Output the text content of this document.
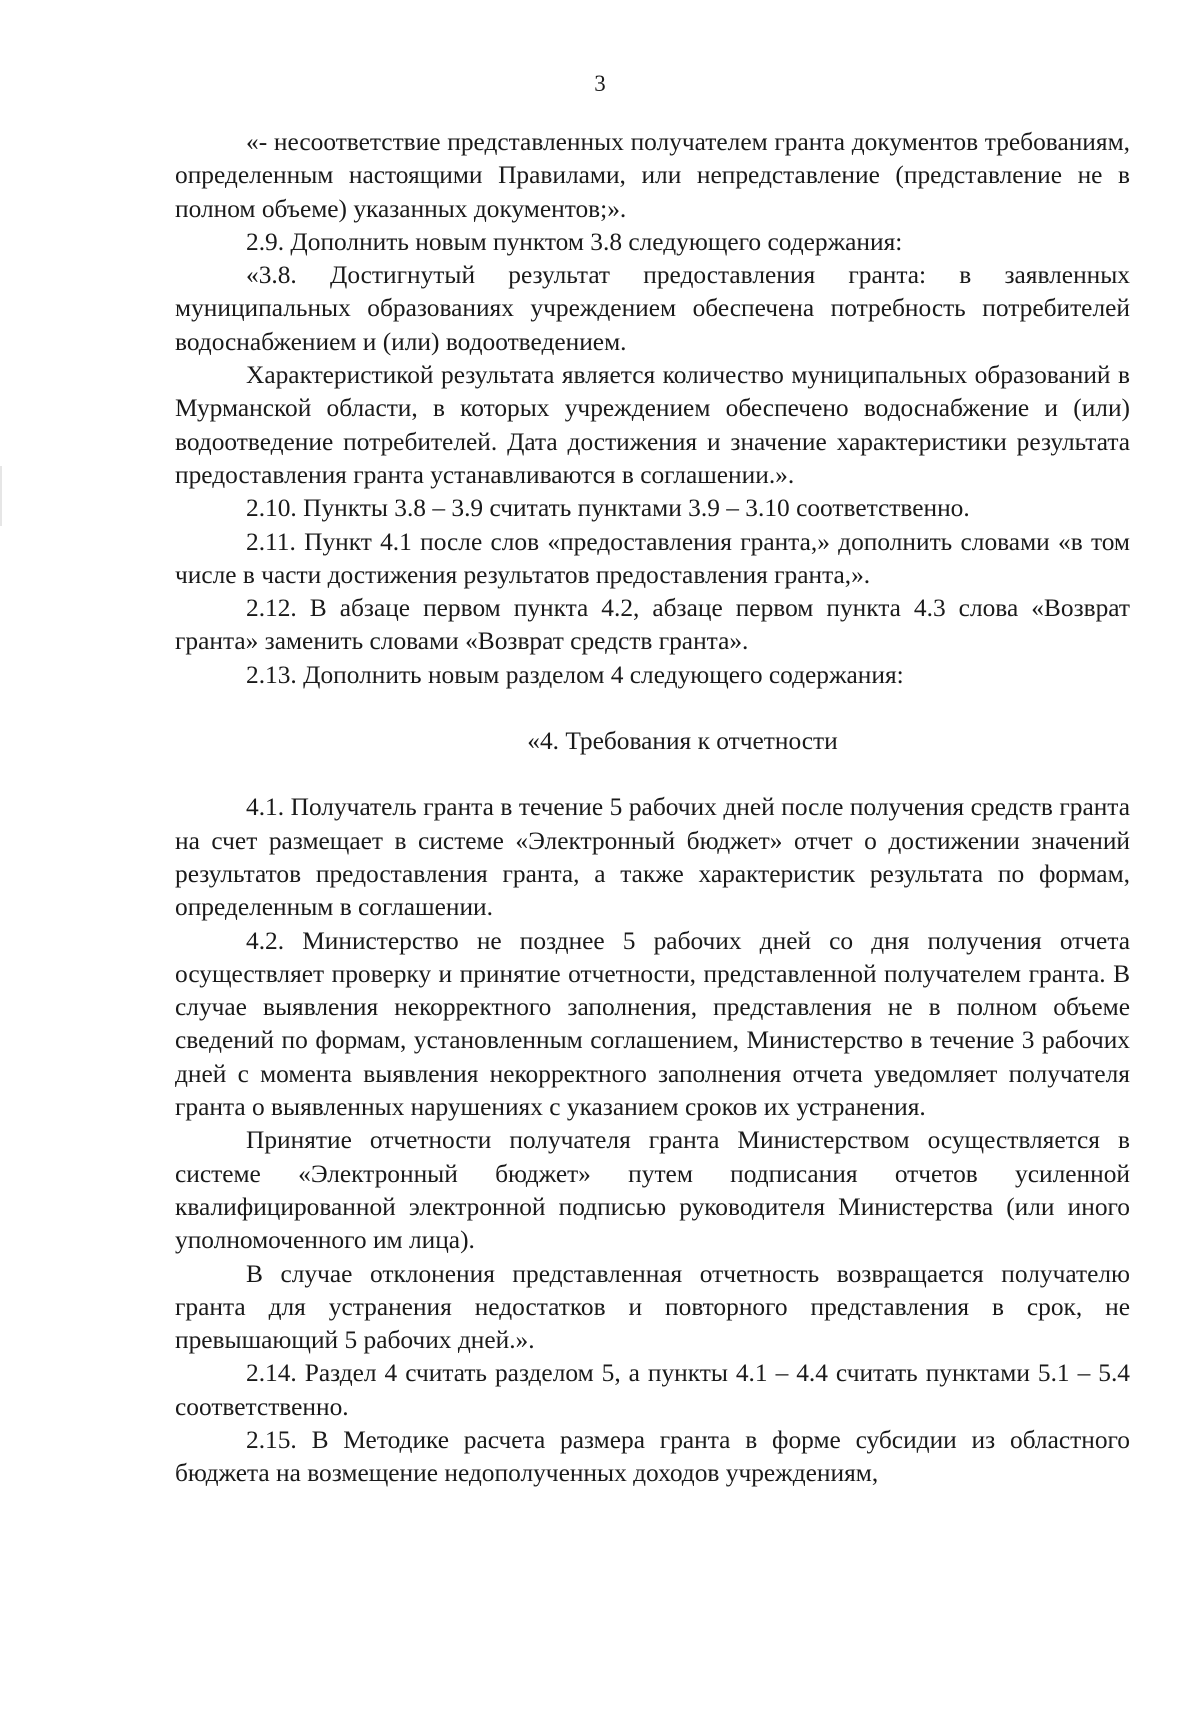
3

«- несоответствие представленных получателем гранта документов требованиям, определенным настоящими Правилами, или непредставление (представление не в полном объеме) указанных документов;».

2.9. Дополнить новым пунктом 3.8 следующего содержания:

«3.8. Достигнутый результат предоставления гранта: в заявленных муниципальных образованиях учреждением обеспечена потребность потребителей водоснабжением и (или) водоотведением.

Характеристикой результата является количество муниципальных образований в Мурманской области, в которых учреждением обеспечено водоснабжение и (или) водоотведение потребителей. Дата достижения и значение характеристики результата предоставления гранта устанавливаются в соглашении.».

2.10. Пункты 3.8 – 3.9 считать пунктами 3.9 – 3.10 соответственно.

2.11. Пункт 4.1 после слов «предоставления гранта,» дополнить словами «в том числе в части достижения результатов предоставления гранта,».

2.12. В абзаце первом пункта 4.2, абзаце первом пункта 4.3 слова «Возврат гранта» заменить словами «Возврат средств гранта».

2.13. Дополнить новым разделом 4 следующего содержания:

«4. Требования к отчетности

4.1. Получатель гранта в течение 5 рабочих дней после получения средств гранта на счет размещает в системе «Электронный бюджет» отчет о достижении значений результатов предоставления гранта, а также характеристик результата по формам, определенным в соглашении.

4.2. Министерство не позднее 5 рабочих дней со дня получения отчета осуществляет проверку и принятие отчетности, представленной получателем гранта. В случае выявления некорректного заполнения, представления не в полном объеме сведений по формам, установленным соглашением, Министерство в течение 3 рабочих дней с момента выявления некорректного заполнения отчета уведомляет получателя гранта о выявленных нарушениях с указанием сроков их устранения.

Принятие отчетности получателя гранта Министерством осуществляется в системе «Электронный бюджет» путем подписания отчетов усиленной квалифицированной электронной подписью руководителя Министерства (или иного уполномоченного им лица).

В случае отклонения представленная отчетность возвращается получателю гранта для устранения недостатков и повторного представления в срок, не превышающий 5 рабочих дней.».

2.14. Раздел 4 считать разделом 5, а пункты 4.1 – 4.4 считать пунктами 5.1 – 5.4 соответственно.

2.15. В Методике расчета размера гранта в форме субсидии из областного бюджета на возмещение недополученных доходов учреждениям,
